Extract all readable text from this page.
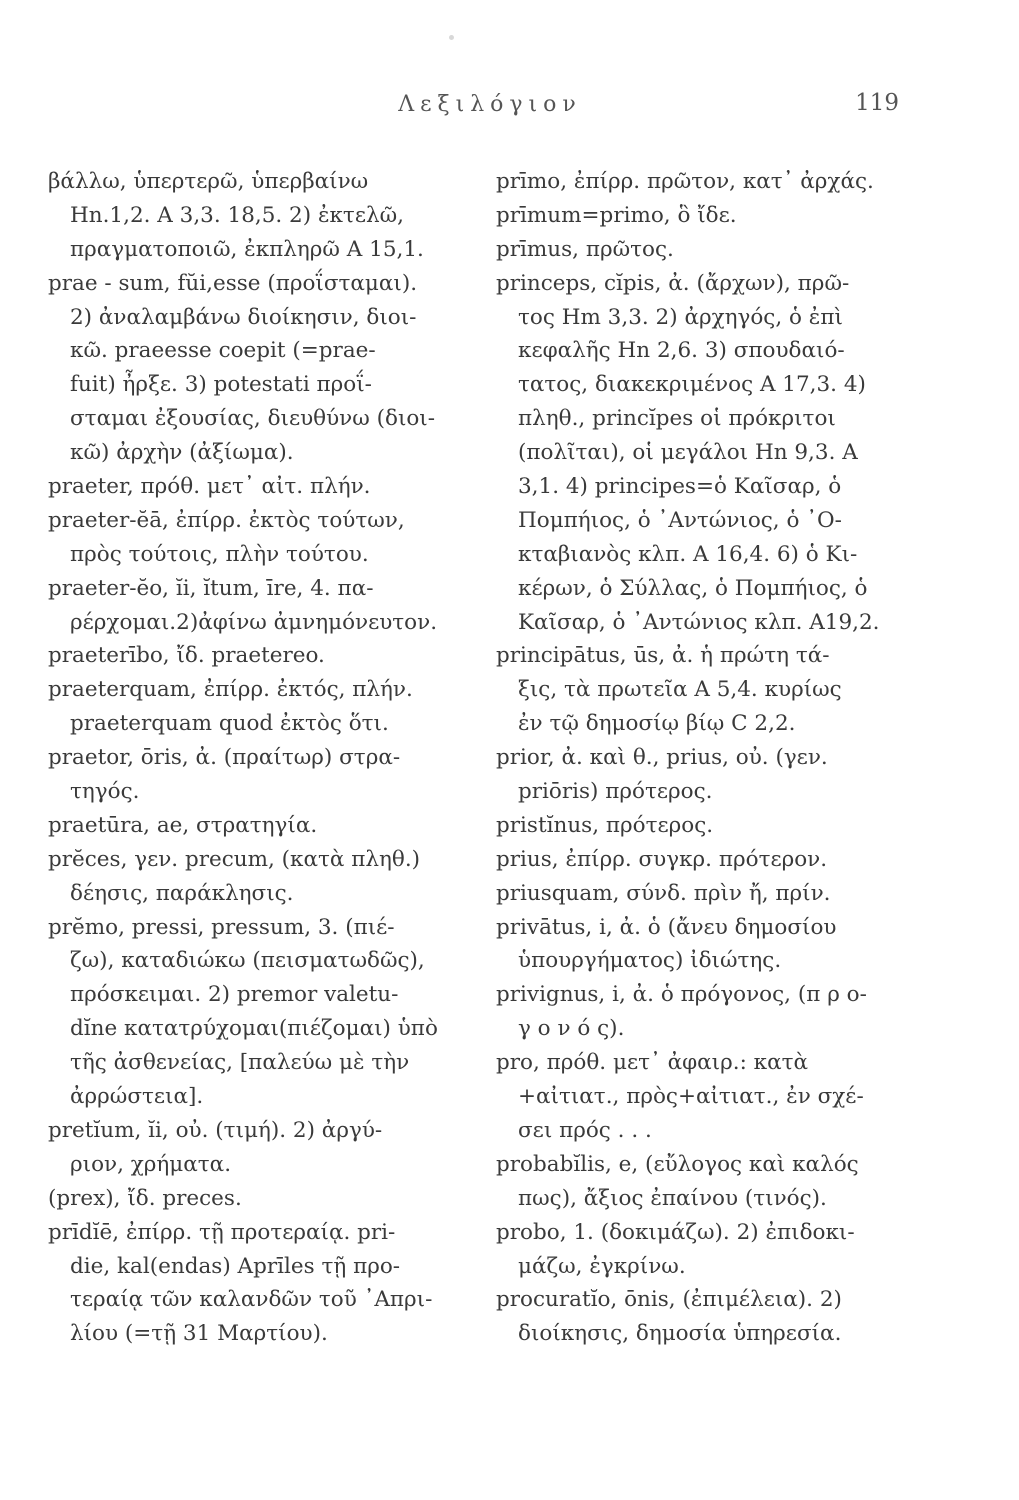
Λεξιλόγιον	119
βάλλω, ὑπερτερῶ, ὑπερβαίνω
Hn.1,2. A 3,3. 18,5. 2) ἐκτελῶ,
πραγματοποιῶ, ἐκπληρῶ A 15,1.
prae - sum, fŭi,esse (προΐσταμαι).
2) ἀναλαμβάνω διοίκησιν, διοι-
κῶ. praeesse coepit (=prae-
fuit) ἦρξε. 3) potestati προΐ-
σταμαι ἐξουσίας, διευθύνω (διοι-
κῶ) ἀρχὴν (ἀξίωμα).
praeter, πρόθ. μετ᾿ αἰτ. πλήν.
praeter-ĕā, ἐπίρρ. ἐκτὸς τούτων,
πρὸς τούτοις, πλὴν τούτου.
praeter-ĕo, ĭi, ĭtum, īre, 4. πα-
ρέρχομαι.2)ἀφίνω ἀμνημόνευτον.
praeterībo, ἴδ. praetereo.
praeterquam, ἐπίρρ. ἐκτός, πλήν.
praeterquam quod ἐκτὸς ὅτι.
praetor, ōris, ἀ. (πραίτωρ) στρα-
τηγός.
praetūra, ae, στρατηγία.
prĕces, γεν. precum, (κατὰ πληθ.)
δέησις, παράκλησις.
prĕmo, pressi, pressum, 3. (πιέ-
ζω), καταδιώκω (πεισματωδῶς),
πρόσκειμαι. 2) premor valetu-
dĭne κατατρύχομαι(πιέζομαι) ὑπὸ
τῆς ἀσθενείας, [παλεύω μὲ τὴν
ἀρρώστεια].
pretĭum, ĭi, οὐ. (τιμή). 2) ἀργύ-
ριον, χρήματα.
(prex), ἴδ. preces.
prīdĭē, ἐπίρρ. τῇ προτεραίᾳ. pri-
die, kal(endas) Aprīles τῇ προ-
τεραίᾳ τῶν καλανδῶν τοῦ ᾿Απρι-
λίου (=τῇ 31 Μαρτίου).
prīmo, ἐπίρρ. πρῶτον, κατ᾿ ἀρχάς.
prīmum=primo, ὃ ἴδε.
prīmus, πρῶτος.
princeps, cĭpis, ἀ. (ἄρχων), πρῶ-
τος Hm 3,3. 2) ἀρχηγός, ὁ ἐπὶ
κεφαλῆς Hn 2,6. 3) σπουδαιό-
τατος, διακεκριμένος A 17,3. 4)
πληθ., princĭpes οἱ πρόκριτοι
(πολῖται), οἱ μεγάλοι Hn 9,3. A
3,1. 4) principes=ὁ Καῖσαρ, ὁ
Πομπήιος, ὁ ᾿Αντώνιος, ὁ ᾿Ο-
κταβιανὸς κλπ. A 16,4. 6) ὁ Κι-
κέρων, ὁ Σύλλας, ὁ Πομπήιος, ὁ
Καῖσαρ, ὁ ᾿Αντώνιος κλπ. A19,2.
principātus, ūs, ἀ. ἡ πρώτη τά-
ξις, τὰ πρωτεῖα A 5,4. κυρίως
ἐν τῷ δημοσίῳ βίῳ C 2,2.
prior, ἀ. καὶ θ., prius, οὐ. (γεν.
priōris) πρότερος.
pristĭnus, πρότερος.
prius, ἐπίρρ. συγκρ. πρότερον.
priusquam, σύνδ. πρὶν ἤ, πρίν.
privātus, i, ἀ. ὁ (ἄνευ δημοσίου
ὑπουργήματος) ἰδιώτης.
privignus, i, ἀ. ὁ πρόγονος, (π ρ ο-
γ ο ν ό ς).
pro, πρόθ. μετ᾿ ἀφαιρ.: κατὰ
+αἰτιατ., πρὸς+αἰτιατ., ἐν σχέ-
σει πρός . . .
probabĭlis, e, (εὔλογος καὶ καλός
πως), ἄξιος ἐπαίνου (τινός).
probo, 1. (δοκιμάζω). 2) ἐπιδοκι-
μάζω, ἐγκρίνω.
procuratĭo, ōnis, (ἐπιμέλεια). 2)
διοίκησις, δημοσία ὑπηρεσία.
